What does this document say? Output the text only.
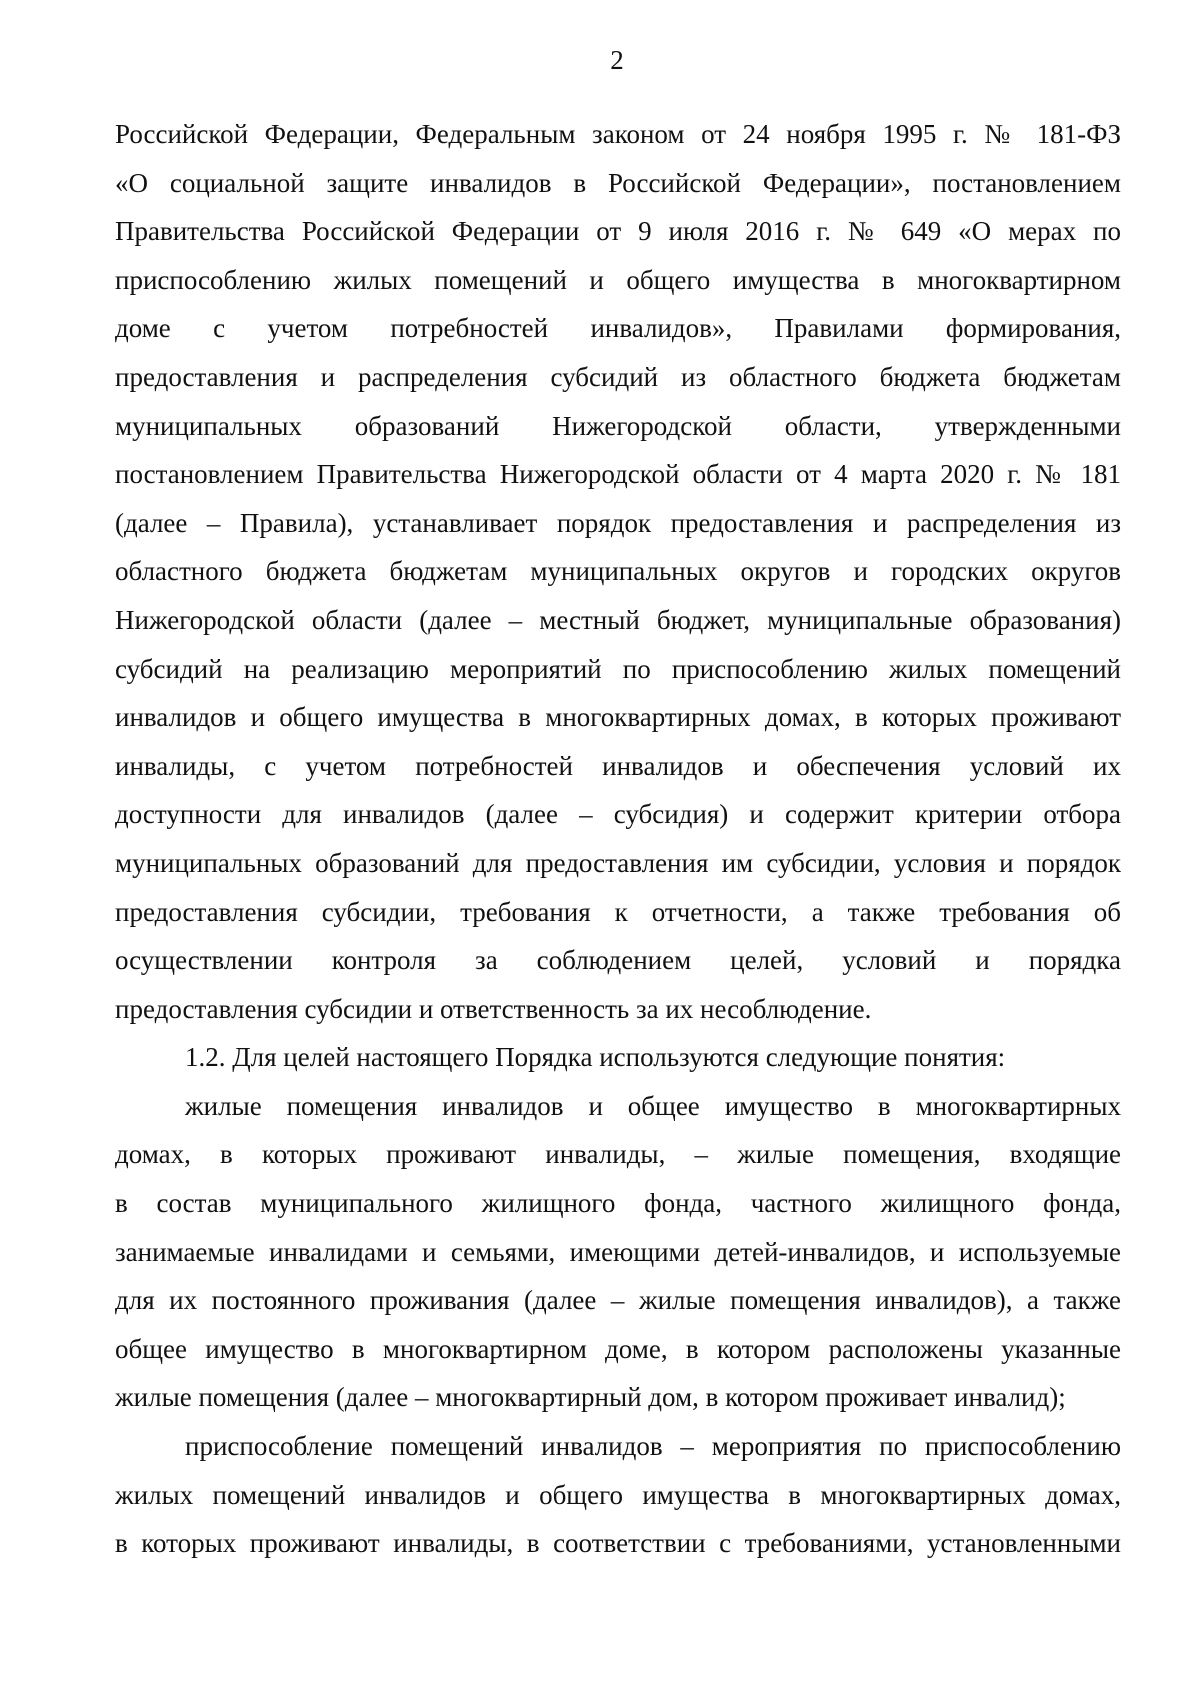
2
Российской Федерации, Федеральным законом от 24 ноября 1995 г. № 181-ФЗ
«О социальной защите инвалидов в Российской Федерации», постановлением
Правительства Российской Федерации от 9 июля 2016 г. № 649 «О мерах по
приспособлению жилых помещений и общего имущества в многоквартирном
доме с учетом потребностей инвалидов», Правилами формирования,
предоставления и распределения субсидий из областного бюджета бюджетам
муниципальных образований Нижегородской области, утвержденными
постановлением Правительства Нижегородской области от 4 марта 2020 г. № 181
(далее – Правила), устанавливает порядок предоставления и распределения из
областного бюджета бюджетам муниципальных округов и городских округов
Нижегородской области (далее – местный бюджет, муниципальные образования)
субсидий на реализацию мероприятий по приспособлению жилых помещений
инвалидов и общего имущества в многоквартирных домах, в которых проживают
инвалиды, с учетом потребностей инвалидов и обеспечения условий их
доступности для инвалидов (далее – субсидия) и содержит критерии отбора
муниципальных образований для предоставления им субсидии, условия и порядок
предоставления субсидии, требования к отчетности, а также требования об
осуществлении контроля за соблюдением целей, условий и порядка
предоставления субсидии и ответственность за их несоблюдение.
1.2. Для целей настоящего Порядка используются следующие понятия:
жилые помещения инвалидов и общее имущество в многоквартирных
домах, в которых проживают инвалиды, – жилые помещения, входящие
в состав муниципального жилищного фонда, частного жилищного фонда,
занимаемые инвалидами и семьями, имеющими детей-инвалидов, и используемые
для их постоянного проживания (далее – жилые помещения инвалидов), а также
общее имущество в многоквартирном доме, в котором расположены указанные
жилые помещения (далее – многоквартирный дом, в котором проживает инвалид);
приспособление помещений инвалидов – мероприятия по приспособлению
жилых помещений инвалидов и общего имущества в многоквартирных домах,
в которых проживают инвалиды, в соответствии с требованиями, установленными
